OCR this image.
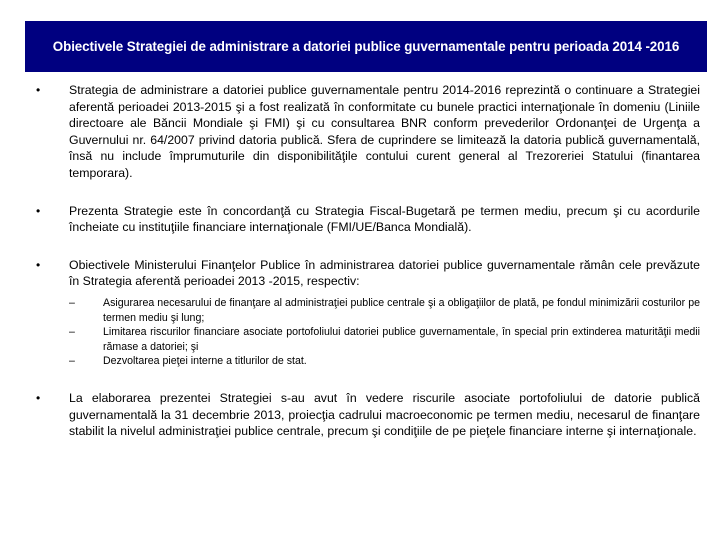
Obiectivele Strategiei de administrare a datoriei publice guvernamentale pentru perioada 2014 -2016
•	Strategia de administrare a datoriei publice guvernamentale pentru 2014-2016 reprezintă o continuare a Strategiei aferentă perioadei 2013-2015 şi a fost realizată în conformitate cu bunele practici internaţionale în domeniu (Liniile directoare ale Băncii Mondiale şi FMI) şi cu consultarea BNR conform prevederilor Ordonanţei de Urgenţa a Guvernului nr. 64/2007 privind datoria publică. Sfera de cuprindere se limitează la datoria publică guvernamentală, însă nu include împrumuturile din disponibilităţile contului curent general al Trezoreriei Statului (finantarea temporara).
•	Prezenta Strategie este în concordanţă cu Strategia Fiscal-Bugetară pe termen mediu, precum şi cu acordurile încheiate cu instituţiile financiare internaţionale (FMI/UE/Banca Mondială).
•	Obiectivele Ministerului Finanţelor Publice în administrarea datoriei publice guvernamentale rămân cele prevăzute în Strategia aferentă perioadei 2013 -2015, respectiv:
–	Asigurarea necesarului de finanţare al administraţiei publice centrale şi a obligaţiilor de plată, pe fondul minimizării costurilor pe termen mediu şi lung;
–	Limitarea riscurilor financiare asociate portofoliului datoriei publice guvernamentale, în special prin extinderea maturităţii medii rămase a datoriei; şi
–	Dezvoltarea pieţei interne a titlurilor de stat.
•	La elaborarea prezentei Strategiei s-au avut în vedere riscurile asociate portofoliului de datorie publică guvernamentală la 31 decembrie 2013, proiecţia cadrului macroeconomic pe termen mediu, necesarul de finanţare stabilit la nivelul administraţiei publice centrale, precum şi condiţiile de pe pieţele financiare interne şi internaţionale.
